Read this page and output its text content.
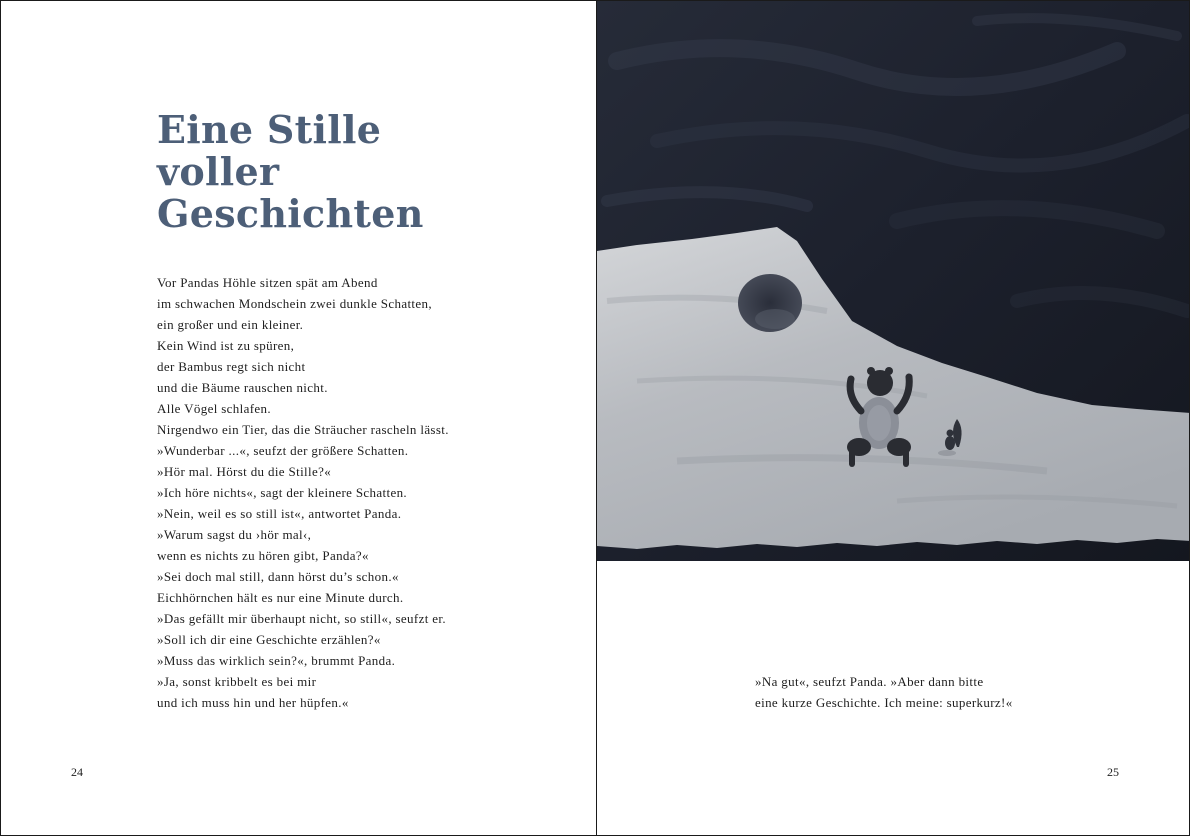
Eine Stille
voller
Geschichten
Vor Pandas Höhle sitzen spät am Abend
im schwachen Mondschein zwei dunkle Schatten,
ein großer und ein kleiner.
Kein Wind ist zu spüren,
der Bambus regt sich nicht
und die Bäume rauschen nicht.
Alle Vögel schlafen.
Nirgendwo ein Tier, das die Sträucher rascheln lässt.
»Wunderbar ...«, seufzt der größere Schatten.
»Hör mal. Hörst du die Stille?«
»Ich höre nichts«, sagt der kleinere Schatten.
»Nein, weil es so still ist«, antwortet Panda.
»Warum sagst du ›hör mal‹,
wenn es nichts zu hören gibt, Panda?«
»Sei doch mal still, dann hörst du’s schon.«
Eichhörnchen hält es nur eine Minute durch.
»Das gefällt mir überhaupt nicht, so still«, seufzt er.
»Soll ich dir eine Geschichte erzählen?«
»Muss das wirklich sein?«, brummt Panda.
»Ja, sonst kribbelt es bei mir
und ich muss hin und her hüpfen.«
24
»Na gut«, seufzt Panda. »Aber dann bitte
eine kurze Geschichte. Ich meine: superkurz!«
25
